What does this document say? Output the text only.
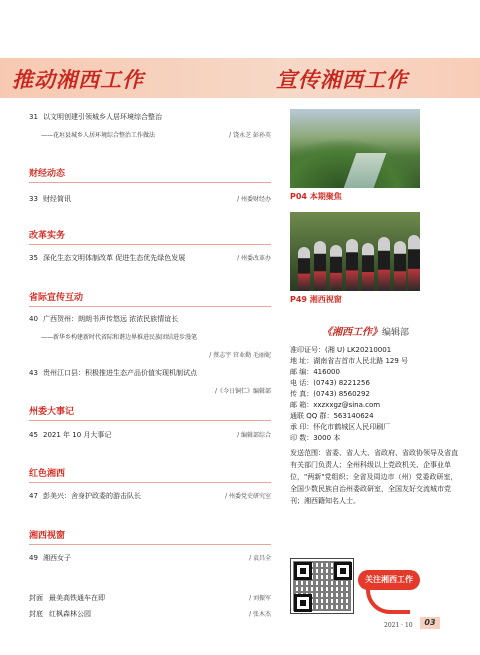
推动湘西工作	宣传湘西工作
31 以文明创建引领城乡人居环境综合整治
——花垣县城乡人居环境综合整治工作做法	/ 饶永芝 彭孙英
财经动态
33 财经简讯	/ 州委财经办
改革实务
35 深化生态文明体制改革 促进生态优先绿色发展	/ 州委改革办
省际宣传互动
40 广西贺州：朗朗书声传悠远 浓浓民族情谊长
——新华乡构建新时代省际和谐边界推进民族团结进步漫笔
/ 蔡志宇 官业勤 毛丽妮
43 贵州江口县：积极推进生态产品价值实现机制试点
/《今日铜仁》编辑部
州委大事记
45 2021 年 10 月大事记	/ 编辑部综合
红色湘西
47 彭美兴：舍身护政委的游击队长	/ 州委党史研究室
湘西视窗
49 湘西女子	/ 袁昌全
封面 最美高铁通车在即	/ 刘振军
封底 红枫森林公园	/ 张木杰
P04 本期聚焦
P49 湘西视窗
《湘西工作》编辑部
准印证号：(湘 U) LK20210001
地 址：湖南省吉首市人民北路 129 号
邮 编：416000
电 话：(0743) 8221256
传 真：(0743) 8560292
邮 箱：xxzxxgz@sina.com
通联 QQ 群：563140624
承 印：怀化市鹤城区人民印刷厂
印 数：3000 本
发送范围：省委、省人大、省政府、省政协领导及省直有关部门负责人；全州科级以上党政机关、企事业单位，"两新"党组织；全省及周边市（州）党委政研室，全国少数民族自治州委政研室，全国友好交流城市党刊；湘西籍知名人士。
关注湘西工作
2021 · 10	03
